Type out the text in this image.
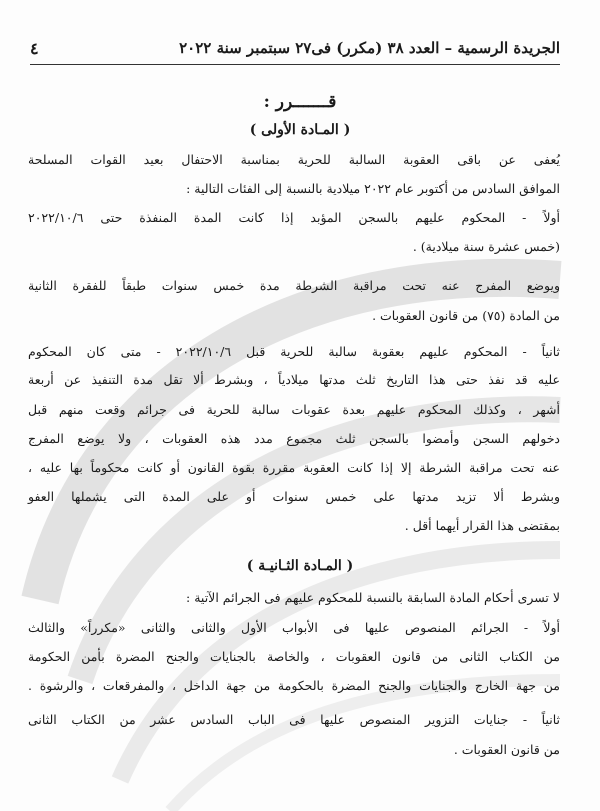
الجريدة الرسمية – العدد ٣٨ (مكرر) فى٢٧ سبتمبر سنة ٢٠٢٢
٤
قـــــــرر :
( المـادة الأولى )
يُعفى عن باقى العقوبة السالبة للحرية بمناسبة الاحتفال بعيد القوات المسلحة
الموافق السادس من أكتوبر عام ٢٠٢٢ ميلادية بالنسبة إلى الفئات التالية :
أولاً - المحكوم عليهم بالسجن المؤبد إذا كانت المدة المنفذة حتى ٢٠٢٢/١٠/٦
(خمس عشرة سنة ميلادية) .
ويوضع المفرج عنه تحت مراقبة الشرطة مدة خمس سنوات طبقاً للفقرة الثانية
من المادة (٧٥) من قانون العقوبات .
ثانياً - المحكوم عليهم بعقوبة سالبة للحرية قبل ٢٠٢٢/١٠/٦ - متى كان المحكوم
عليه قد نفذ حتى هذا التاريخ ثلث مدتها ميلادياً ، وبشرط ألا تقل مدة التنفيذ عن أربعة
أشهر ، وكذلك المحكوم عليهم بعدة عقوبات سالبة للحرية فى جرائم وقعت منهم قبل
دخولهم السجن وأمضوا بالسجن ثلث مجموع مدد هذه العقوبات ، ولا يوضع المفرج
عنه تحت مراقبة الشرطة إلا إذا كانت العقوبة مقررة بقوة القانون أو كانت محكوماً بها عليه ،
وبشرط ألا تزيد مدتها على خمس سنوات أو على المدة التى يشملها العفو
بمقتضى هذا القرار أيهما أقل .
( المـادة الثـانيـة )
لا تسرى أحكام المادة السابقة بالنسبة للمحكوم عليهم فى الجرائم الآتية :
أولاً - الجرائم المنصوص عليها فى الأبواب الأول والثانى والثانى «مكرراً» والثالث
من الكتاب الثانى من قانون العقوبات ، والخاصة بالجنايات والجنح المضرة بأمن الحكومة
من جهة الخارج والجنايات والجنح المضرة بالحكومة من جهة الداخل ، والمفرقعات ، والرشوة .
ثانياً - جنايات التزوير المنصوص عليها فى الباب السادس عشر من الكتاب الثانى
من قانون العقوبات .
